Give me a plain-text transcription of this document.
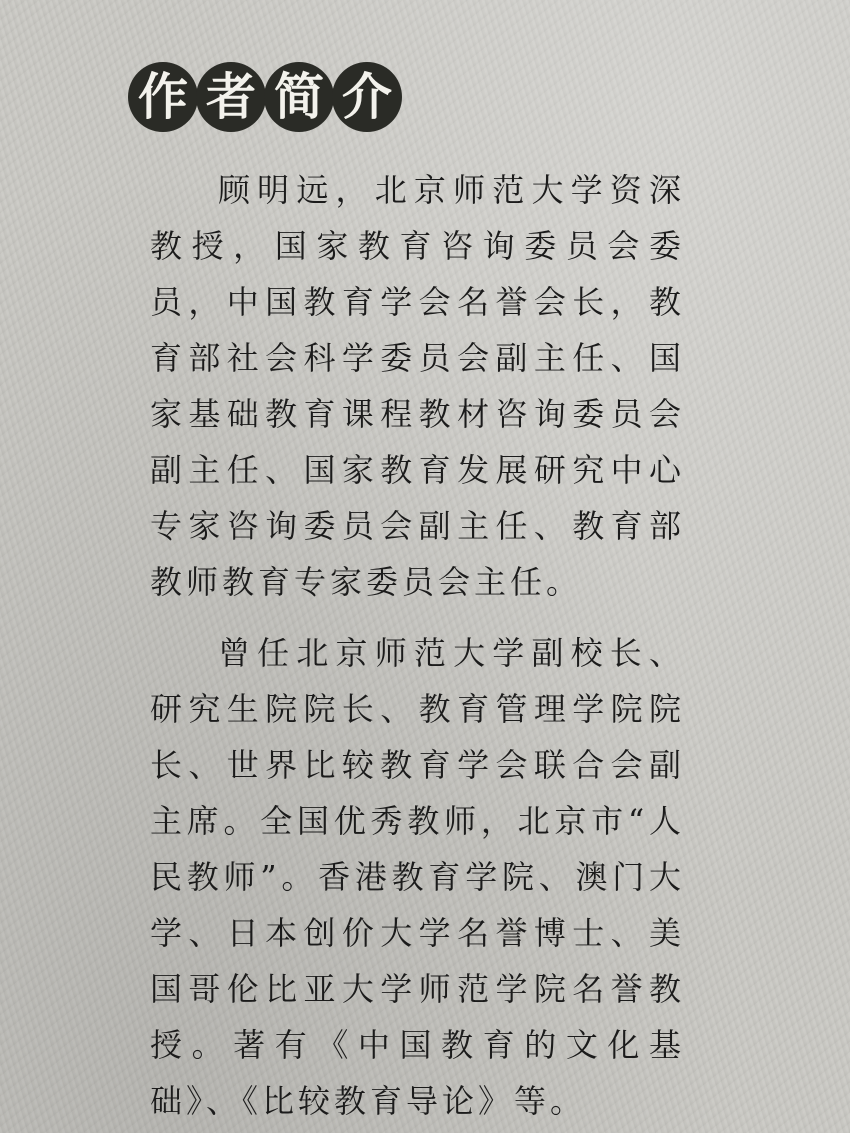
作 者 简 介

顾明远，北京师范大学资深教授，国家教育咨询委员会委员，中国教育学会名誉会长，教育部社会科学委员会副主任、国家基础教育课程教材咨询委员会副主任、国家教育发展研究中心专家咨询委员会副主任、教育部教师教育专家委员会主任。

曾任北京师范大学副校长、研究生院院长、教育管理学院院长、世界比较教育学会联合会副主席。全国优秀教师，北京市“人民教师”。香港教育学院、澳门大学、日本创价大学名誉博士、美国哥伦比亚大学师范学院名誉教授。著有《中国教育的文化基础》、《比较教育导论》等。
